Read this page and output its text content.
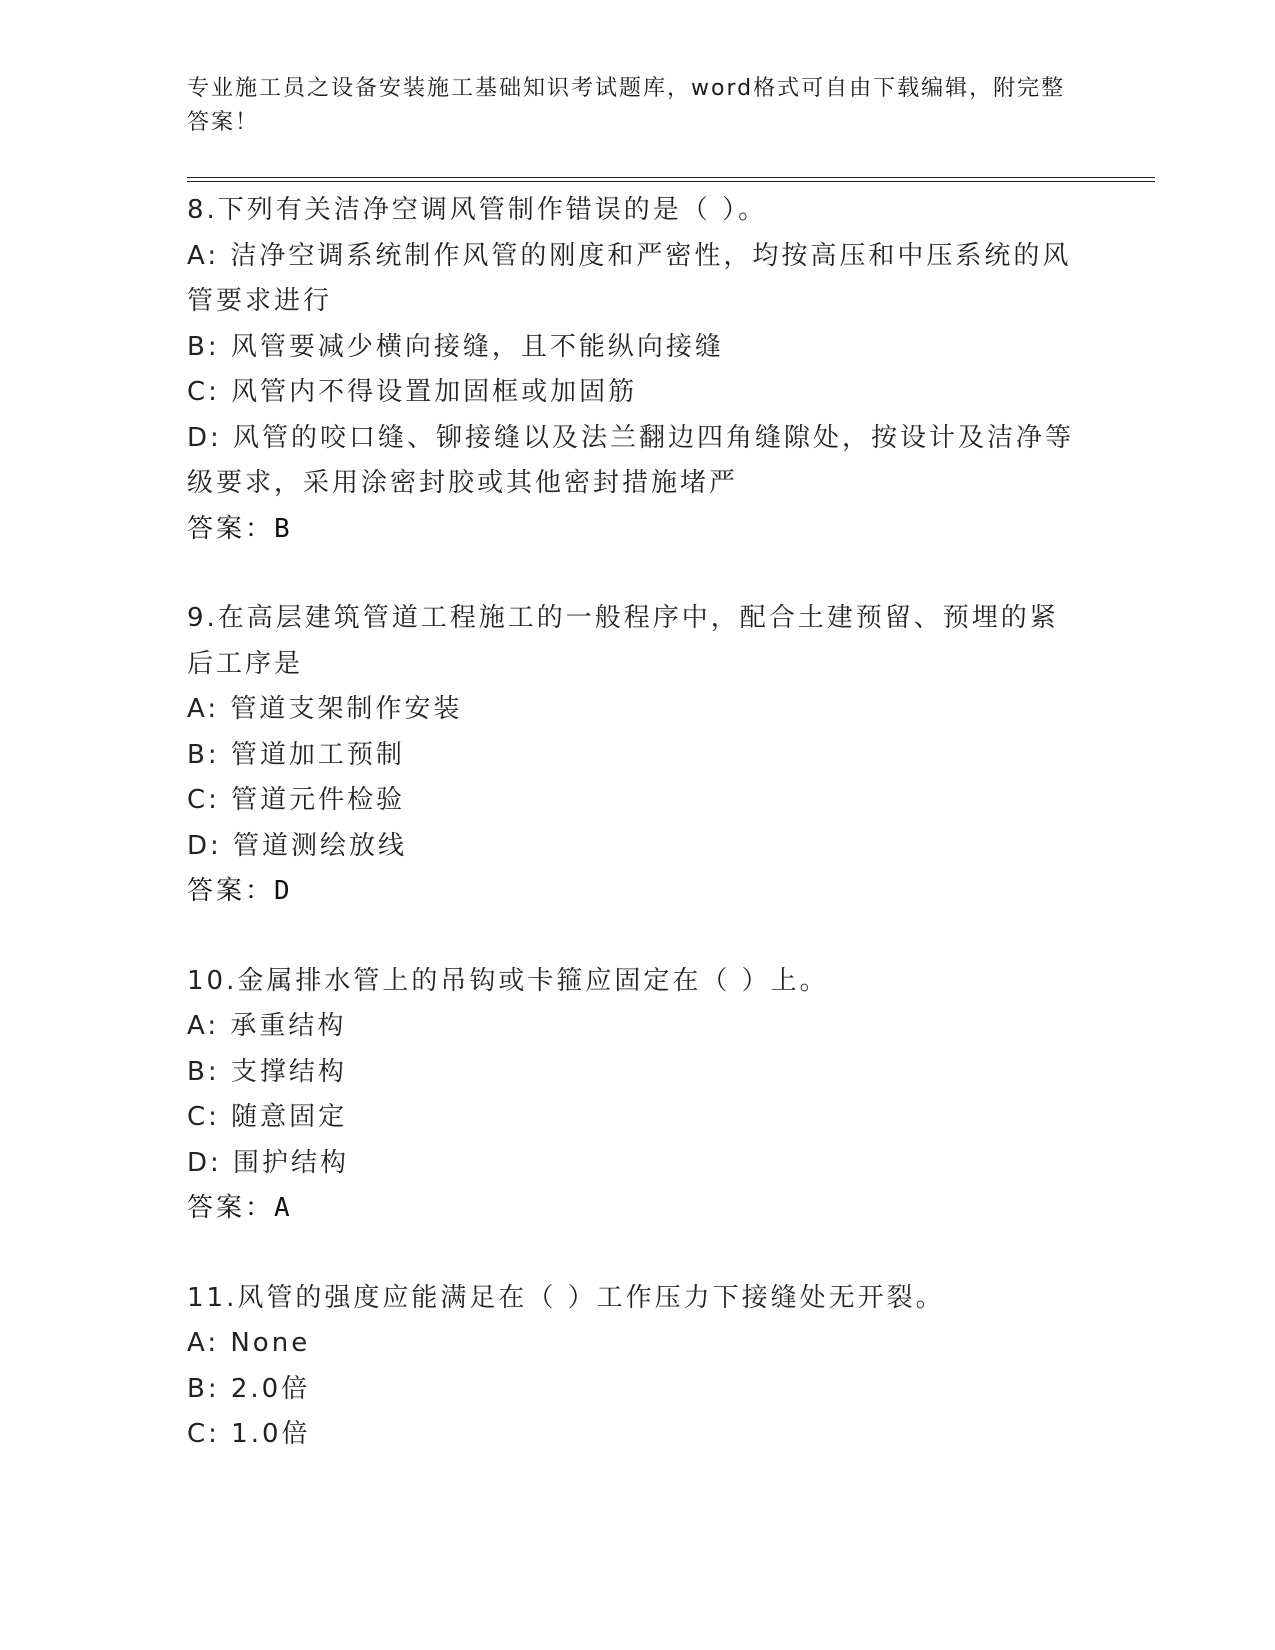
专业施工员之设备安装施工基础知识考试题库，word格式可自由下载编辑，附完整答案！
8.下列有关洁净空调风管制作错误的是（ ）。
A: 洁净空调系统制作风管的刚度和严密性，均按高压和中压系统的风管要求进行
B: 风管要减少横向接缝，且不能纵向接缝
C: 风管内不得设置加固框或加固筋
D: 风管的咬口缝、铆接缝以及法兰翻边四角缝隙处，按设计及洁净等级要求，采用涂密封胶或其他密封措施堵严
答案：B
9.在高层建筑管道工程施工的一般程序中，配合土建预留、预埋的紧后工序是
A: 管道支架制作安装
B: 管道加工预制
C: 管道元件检验
D: 管道测绘放线
答案：D
10.金属排水管上的吊钩或卡箍应固定在（ ）上。
A: 承重结构
B: 支撑结构
C: 随意固定
D: 围护结构
答案：A
11.风管的强度应能满足在（ ）工作压力下接缝处无开裂。
A: None
B: 2.0倍
C: 1.0倍
